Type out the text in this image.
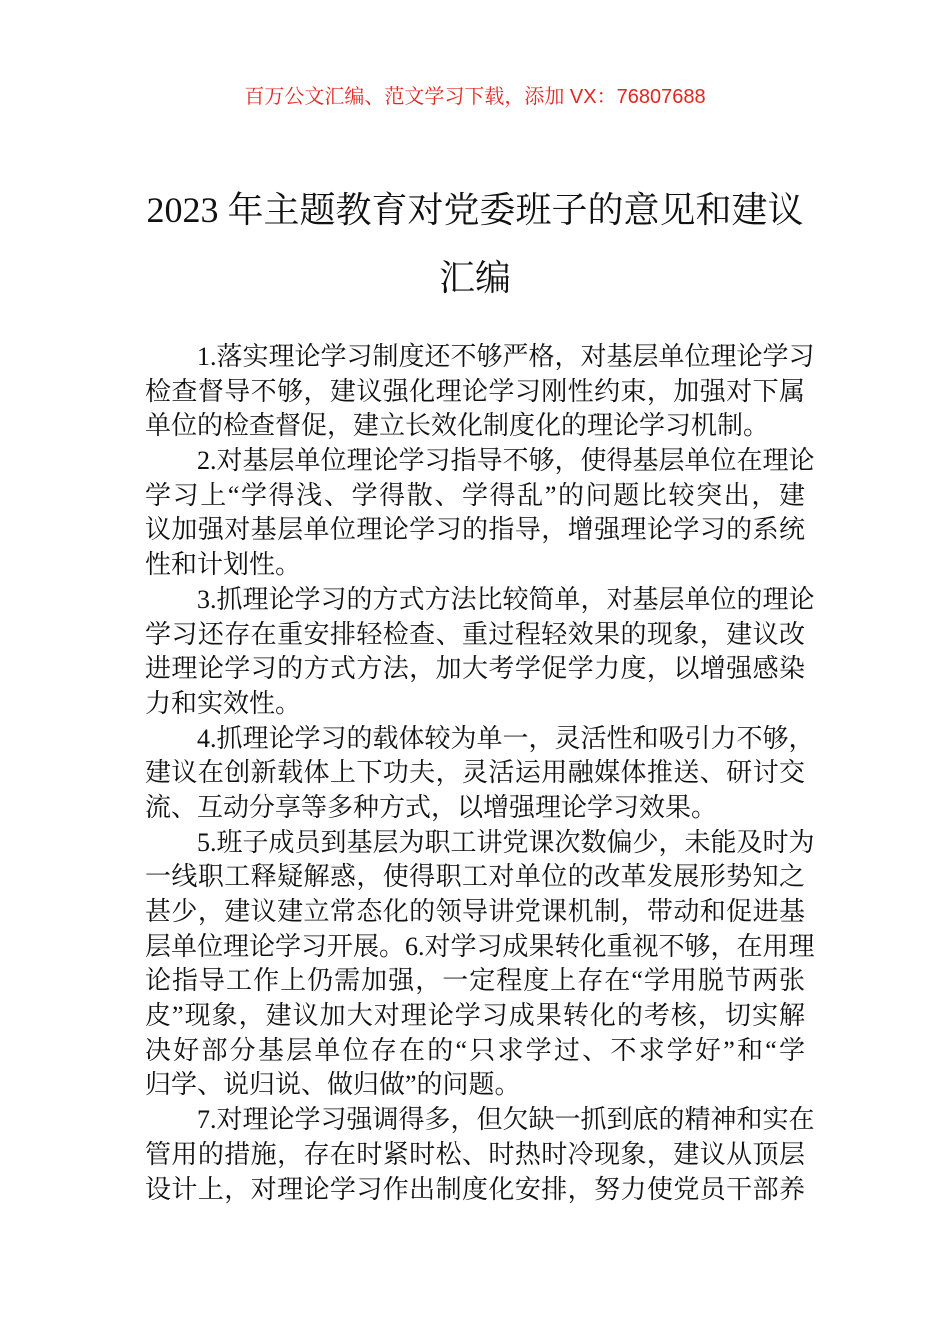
百万公文汇编、范文学习下载，添加 VX：76807688
2023 年主题教育对党委班子的意见和建议
汇编
1.落实理论学习制度还不够严格，对基层单位理论学习
检查督导不够，建议强化理论学习刚性约束，加强对下属
单位的检查督促，建立长效化制度化的理论学习机制。
2.对基层单位理论学习指导不够，使得基层单位在理论
学习上“学得浅、学得散、学得乱”的问题比较突出，建
议加强对基层单位理论学习的指导，增强理论学习的系统
性和计划性。
3.抓理论学习的方式方法比较简单，对基层单位的理论
学习还存在重安排轻检查、重过程轻效果的现象，建议改
进理论学习的方式方法，加大考学促学力度，以增强感染
力和实效性。
4.抓理论学习的载体较为单一，灵活性和吸引力不够，
建议在创新载体上下功夫，灵活运用融媒体推送、研讨交
流、互动分享等多种方式，以增强理论学习效果。
5.班子成员到基层为职工讲党课次数偏少，未能及时为
一线职工释疑解惑，使得职工对单位的改革发展形势知之
甚少，建议建立常态化的领导讲党课机制，带动和促进基
层单位理论学习开展。6.对学习成果转化重视不够，在用理
论指导工作上仍需加强，一定程度上存在“学用脱节两张
皮”现象，建议加大对理论学习成果转化的考核，切实解
决好部分基层单位存在的“只求学过、不求学好”和“学
归学、说归说、做归做”的问题。
7.对理论学习强调得多，但欠缺一抓到底的精神和实在
管用的措施，存在时紧时松、时热时冷现象，建议从顶层
设计上，对理论学习作出制度化安排，努力使党员干部养
